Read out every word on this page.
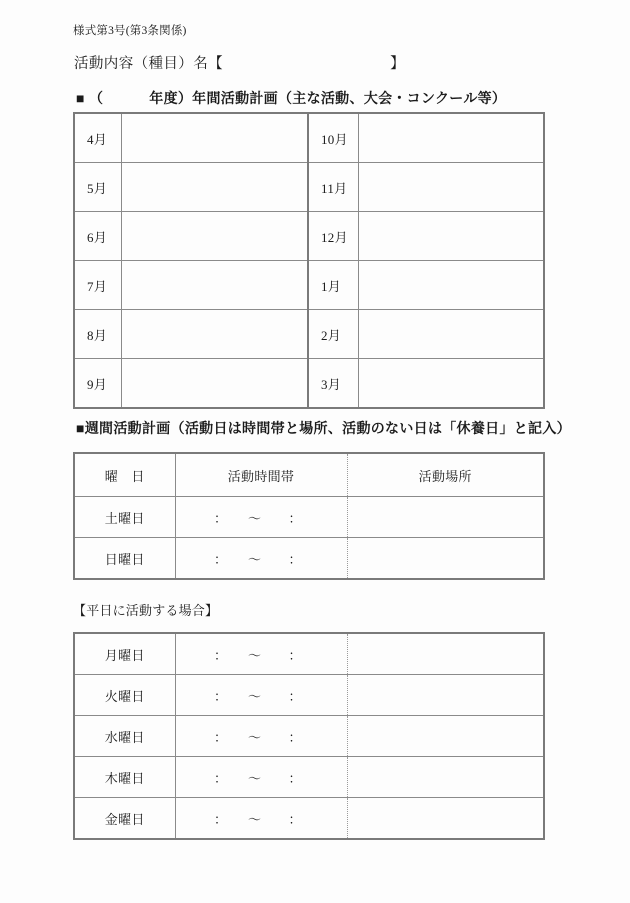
様式第3号(第3条関係)
活動内容（種目）名【	】
■ （	年度）年間活動計画（主な活動、大会・コンクール等）
4月		10月	
5月		11月	
6月		12月	
7月		1月	
8月		2月	
9月		3月	
■週間活動計画（活動日は時間帯と場所、活動のない日は「休養日」と記入）
曜　日	活動時間帯 活動場所

土曜日	：　　～　　：

日曜日	：　　～　　：
【平日に活動する場合】
月曜日	：　　～　　：

火曜日	：　　～　　：

水曜日	：　　～　　：

木曜日	：　　～　　：

金曜日	：　　～　　：
